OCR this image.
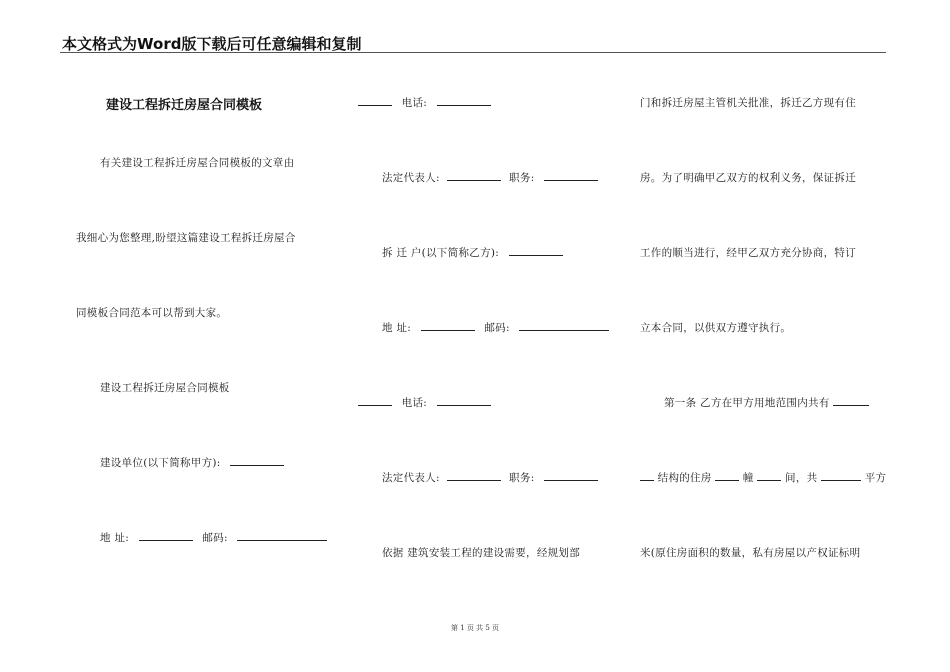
本文格式为Word版下载后可任意编辑和复制
建设工程拆迁房屋合同模板
有关建设工程拆迁房屋合同模板的文章由
我细心为您整理,盼望这篇建设工程拆迁房屋合
同模板合同范本可以帮到大家。
建设工程拆迁房屋合同模板
建设单位(以下简称甲方):
地 址:	邮码:
电话:
法定代表人:	职务:
拆 迁 户(以下简称乙方):
地 址:	邮码:
电话:
法定代表人:	职务:
依据 建筑安装工程的建设需要，经规划部
门和拆迁房屋主管机关批准，拆迁乙方现有住
房。为了明确甲乙双方的权利义务，保证拆迁
工作的顺当进行，经甲乙双方充分协商，特订
立本合同，以供双方遵守执行。
第一条 乙方在甲方用地范围内共有
结构的住房	幢	间，共	平方
米(原住房面积的数量，私有房屋以产权证标明
第 1 页 共 5 页
